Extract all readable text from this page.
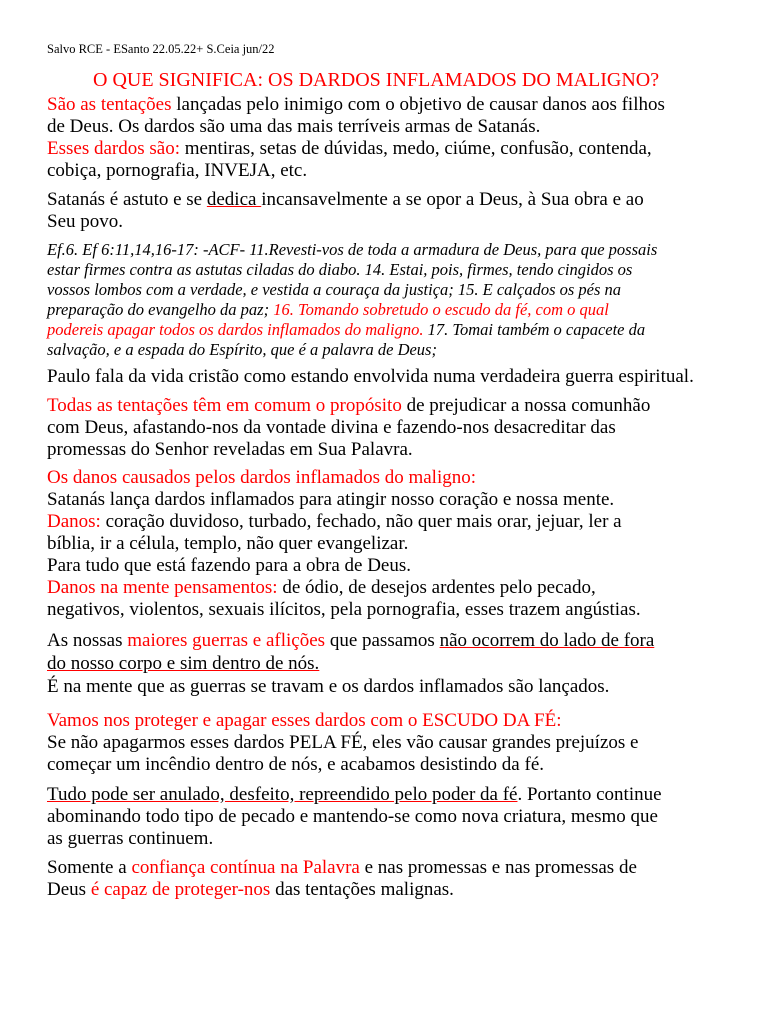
Salvo RCE - ESanto 22.05.22+ S.Ceia jun/22
O QUE SIGNIFICA: OS DARDOS INFLAMADOS DO MALIGNO?
São as tentações lançadas pelo inimigo com o objetivo de causar danos aos filhos
de Deus. Os dardos são uma das mais terríveis armas de Satanás.
Esses dardos são: mentiras, setas de dúvidas, medo, ciúme, confusão, contenda,
cobiça, pornografia, INVEJA, etc.
Satanás é astuto e se dedica incansavelmente a se opor a Deus, à Sua obra e ao
Seu povo.
Ef.6. Ef 6:11,14,16-17: -ACF- 11.Revesti-vos de toda a armadura de Deus, para que possais
estar firmes contra as astutas ciladas do diabo. 14. Estai, pois, firmes, tendo cingidos os
vossos lombos com a verdade, e vestida a couraça da justiça; 15. E calçados os pés na
preparação do evangelho da paz; 16. Tomando sobretudo o escudo da fé, com o qual
podereis apagar todos os dardos inflamados do maligno. 17. Tomai também o capacete da
salvação, e a espada do Espírito, que é a palavra de Deus;
Paulo fala da vida cristão como estando envolvida numa verdadeira guerra espiritual.
Todas as tentações têm em comum o propósito de prejudicar a nossa comunhão
com Deus, afastando-nos da vontade divina e fazendo-nos desacreditar das
promessas do Senhor reveladas em Sua Palavra.
Os danos causados pelos dardos inflamados do maligno:
Satanás lança dardos inflamados para atingir nosso coração e nossa mente.
Danos: coração duvidoso, turbado, fechado, não quer mais orar, jejuar, ler a
bíblia, ir a célula, templo, não quer evangelizar.
Para tudo que está fazendo para a obra de Deus.
Danos na mente pensamentos: de ódio, de desejos ardentes pelo pecado,
negativos, violentos, sexuais ilícitos, pela pornografia, esses trazem angústias.
As nossas maiores guerras e aflições que passamos não ocorrem do lado de fora
do nosso corpo e sim dentro de nós.
É na mente que as guerras se travam e os dardos inflamados são lançados.
Vamos nos proteger e apagar esses dardos com o ESCUDO DA FÉ:
Se não apagarmos esses dardos PELA FÉ, eles vão causar grandes prejuízos e
começar um incêndio dentro de nós, e acabamos desistindo da fé.
Tudo pode ser anulado, desfeito, repreendido pelo poder da fé. Portanto continue
abominando todo tipo de pecado e mantendo-se como nova criatura, mesmo que
as guerras continuem.
Somente a confiança contínua na Palavra e nas promessas e nas promessas de
Deus é capaz de proteger-nos das tentações malignas.
